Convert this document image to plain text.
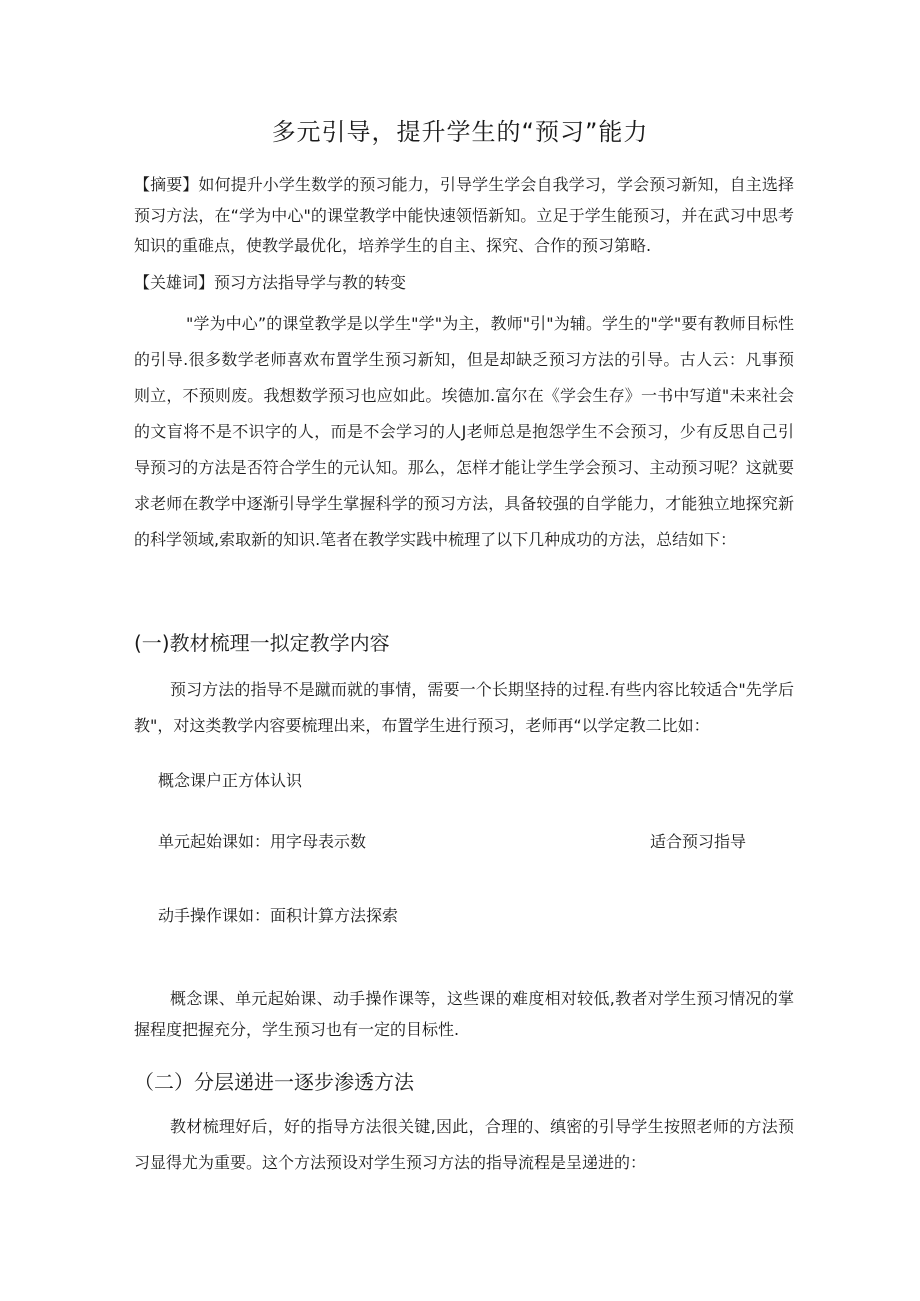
多元引导，提升学生的“预习”能力
【摘要】如何提升小学生数学的预习能力，引导学生学会自我学习，学会预习新知，自主选择预习方法，在“学为中心"的课堂教学中能快速领悟新知。立足于学生能预习，并在武习中思考知识的重碓点，使教学最优化，培养学生的自主、探究、合作的预习第略.
【关雄词】预习方法指导学与教的转变
"学为中心”的课堂教学是以学生"学"为主，教师"引"为辅。学生的"学"要有教师目标性的引导.很多数学老师喜欢布置学生预习新知，但是却缺乏预习方法的引导。古人云：凡事预则立，不预则废。我想数学预习也应如此。埃德加.富尔在《学会生存》一书中写道"未来社会的文盲将不是不识字的人，而是不会学习的人J老师总是抱怨学生不会预习，少有反思自己引导预习的方法是否符合学生的元认知。那么，怎样才能让学生学会预习、主动预习呢？这就要求老师在教学中逐渐引导学生掌握科学的预习方法，具备较强的自学能力，才能独立地探究新的科学领域,索取新的知识.笔者在教学实践中梳理了以下几种成功的方法，总结如下：
(一)教材梳理一拟定教学内容
预习方法的指导不是蹴而就的事情，需要一个长期坚持的过程.有些内容比较适合"先学后教"，对这类教学内容要梳理出来，布置学生进行预习，老师再“以学定教二比如：
概念课户正方体认识
单元起始课如：用字母表示数	适合预习指导
动手操作课如：面积计算方法探索
概念课、单元起始课、动手操作课等，这些课的难度相对较低,教者对学生预习情况的掌握程度把握充分，学生预习也有一定的目标性.
（二）分层递进一逐步渗透方法
教材梳理好后，好的指导方法很关键,因此，合理的、缜密的引导学生按照老师的方法预习显得尤为重要。这个方法预设对学生预习方法的指导流程是呈递进的：
